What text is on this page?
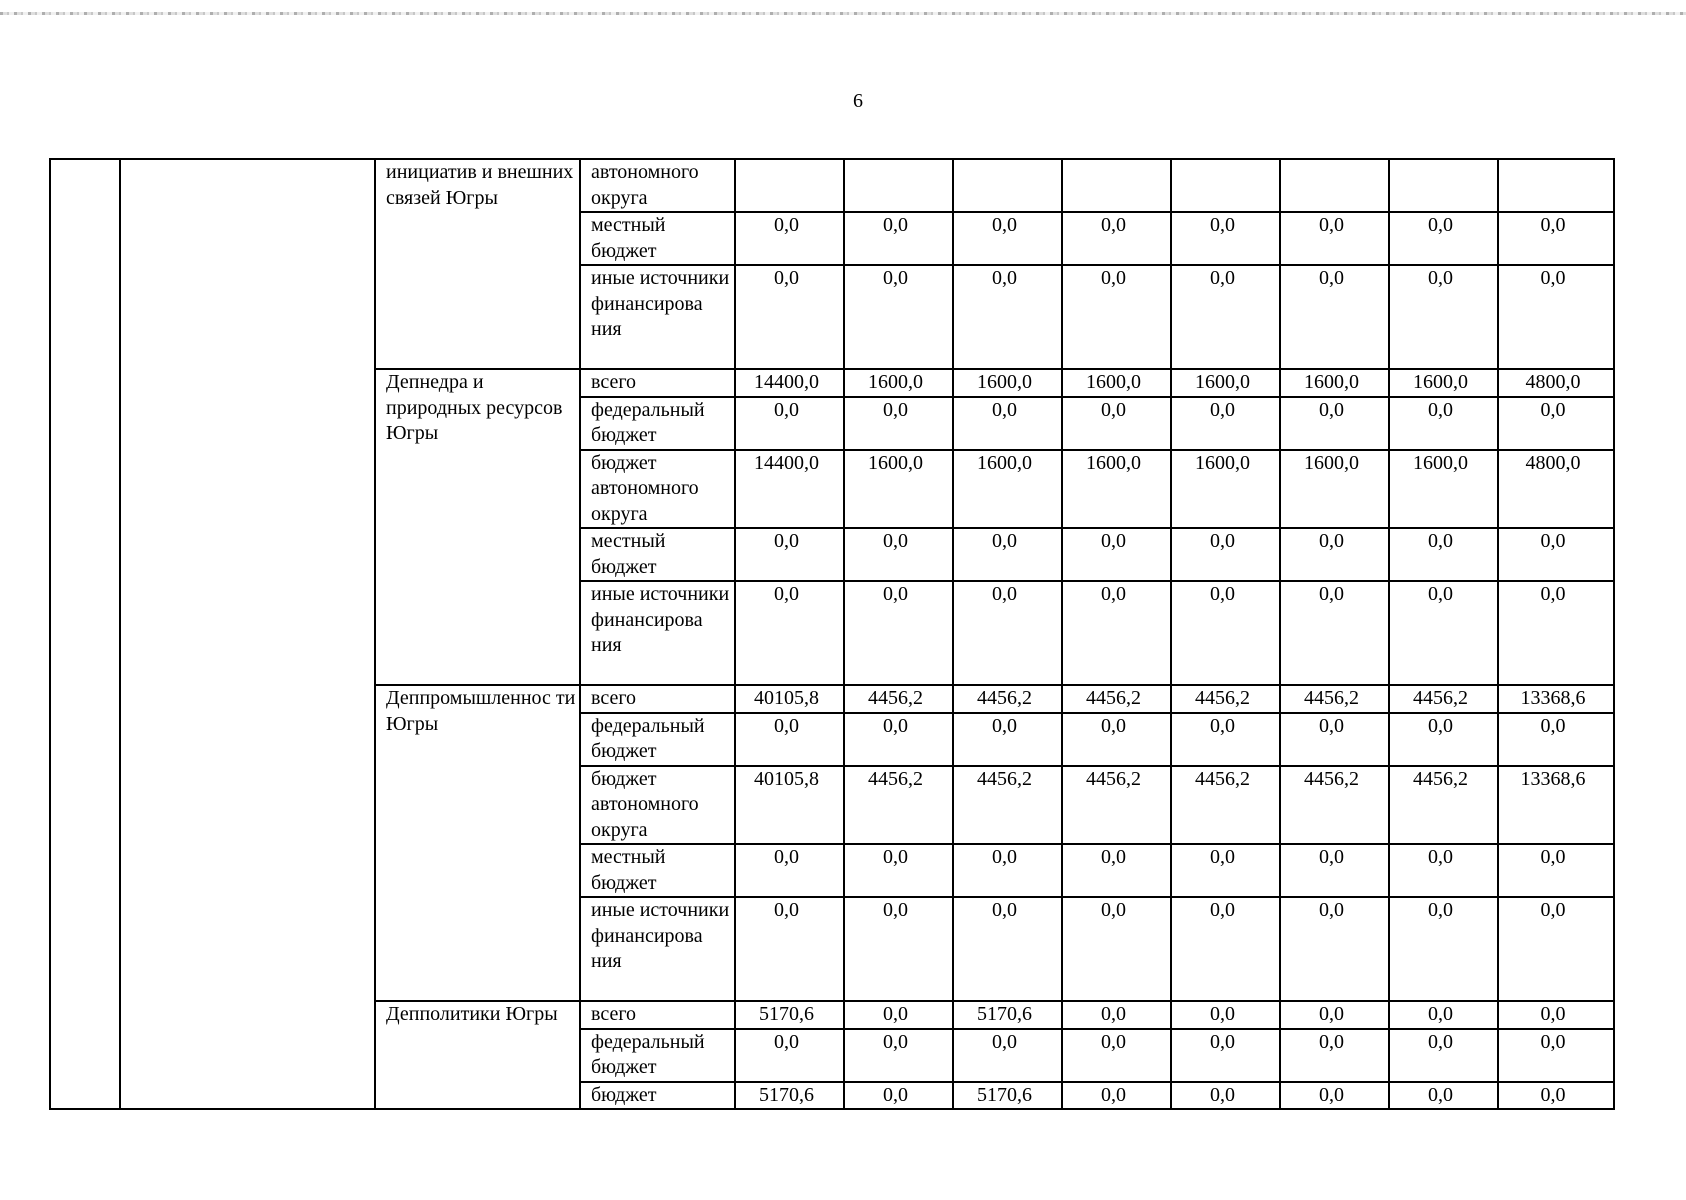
6
		инициатив и внешних связей Югры	автономного округа								
			местный бюджет	0,0	0,0	0,0	0,0	0,0	0,0	0,0	0,0
			иные источники финансирова ния	0,0	0,0	0,0	0,0	0,0	0,0	0,0	0,0
		Депнедра и природных ресурсов Югры	всего	14400,0	1600,0	1600,0	1600,0	1600,0	1600,0	1600,0	4800,0
			федеральный бюджет	0,0	0,0	0,0	0,0	0,0	0,0	0,0	0,0
			бюджет автономного округа	14400,0	1600,0	1600,0	1600,0	1600,0	1600,0	1600,0	4800,0
			местный бюджет	0,0	0,0	0,0	0,0	0,0	0,0	0,0	0,0
			иные источники финансирова ния	0,0	0,0	0,0	0,0	0,0	0,0	0,0	0,0
		Деппромышленнос ти Югры	всего	40105,8	4456,2	4456,2	4456,2	4456,2	4456,2	4456,2	13368,6
			федеральный бюджет	0,0	0,0	0,0	0,0	0,0	0,0	0,0	0,0
			бюджет автономного округа	40105,8	4456,2	4456,2	4456,2	4456,2	4456,2	4456,2	13368,6
			местный бюджет	0,0	0,0	0,0	0,0	0,0	0,0	0,0	0,0
			иные источники финансирова ния	0,0	0,0	0,0	0,0	0,0	0,0	0,0	0,0
		Депполитики Югры	всего	5170,6	0,0	5170,6	0,0	0,0	0,0	0,0	0,0
			федеральный бюджет	0,0	0,0	0,0	0,0	0,0	0,0	0,0	0,0
			бюджет	5170,6	0,0	5170,6	0,0	0,0	0,0	0,0	0,0
